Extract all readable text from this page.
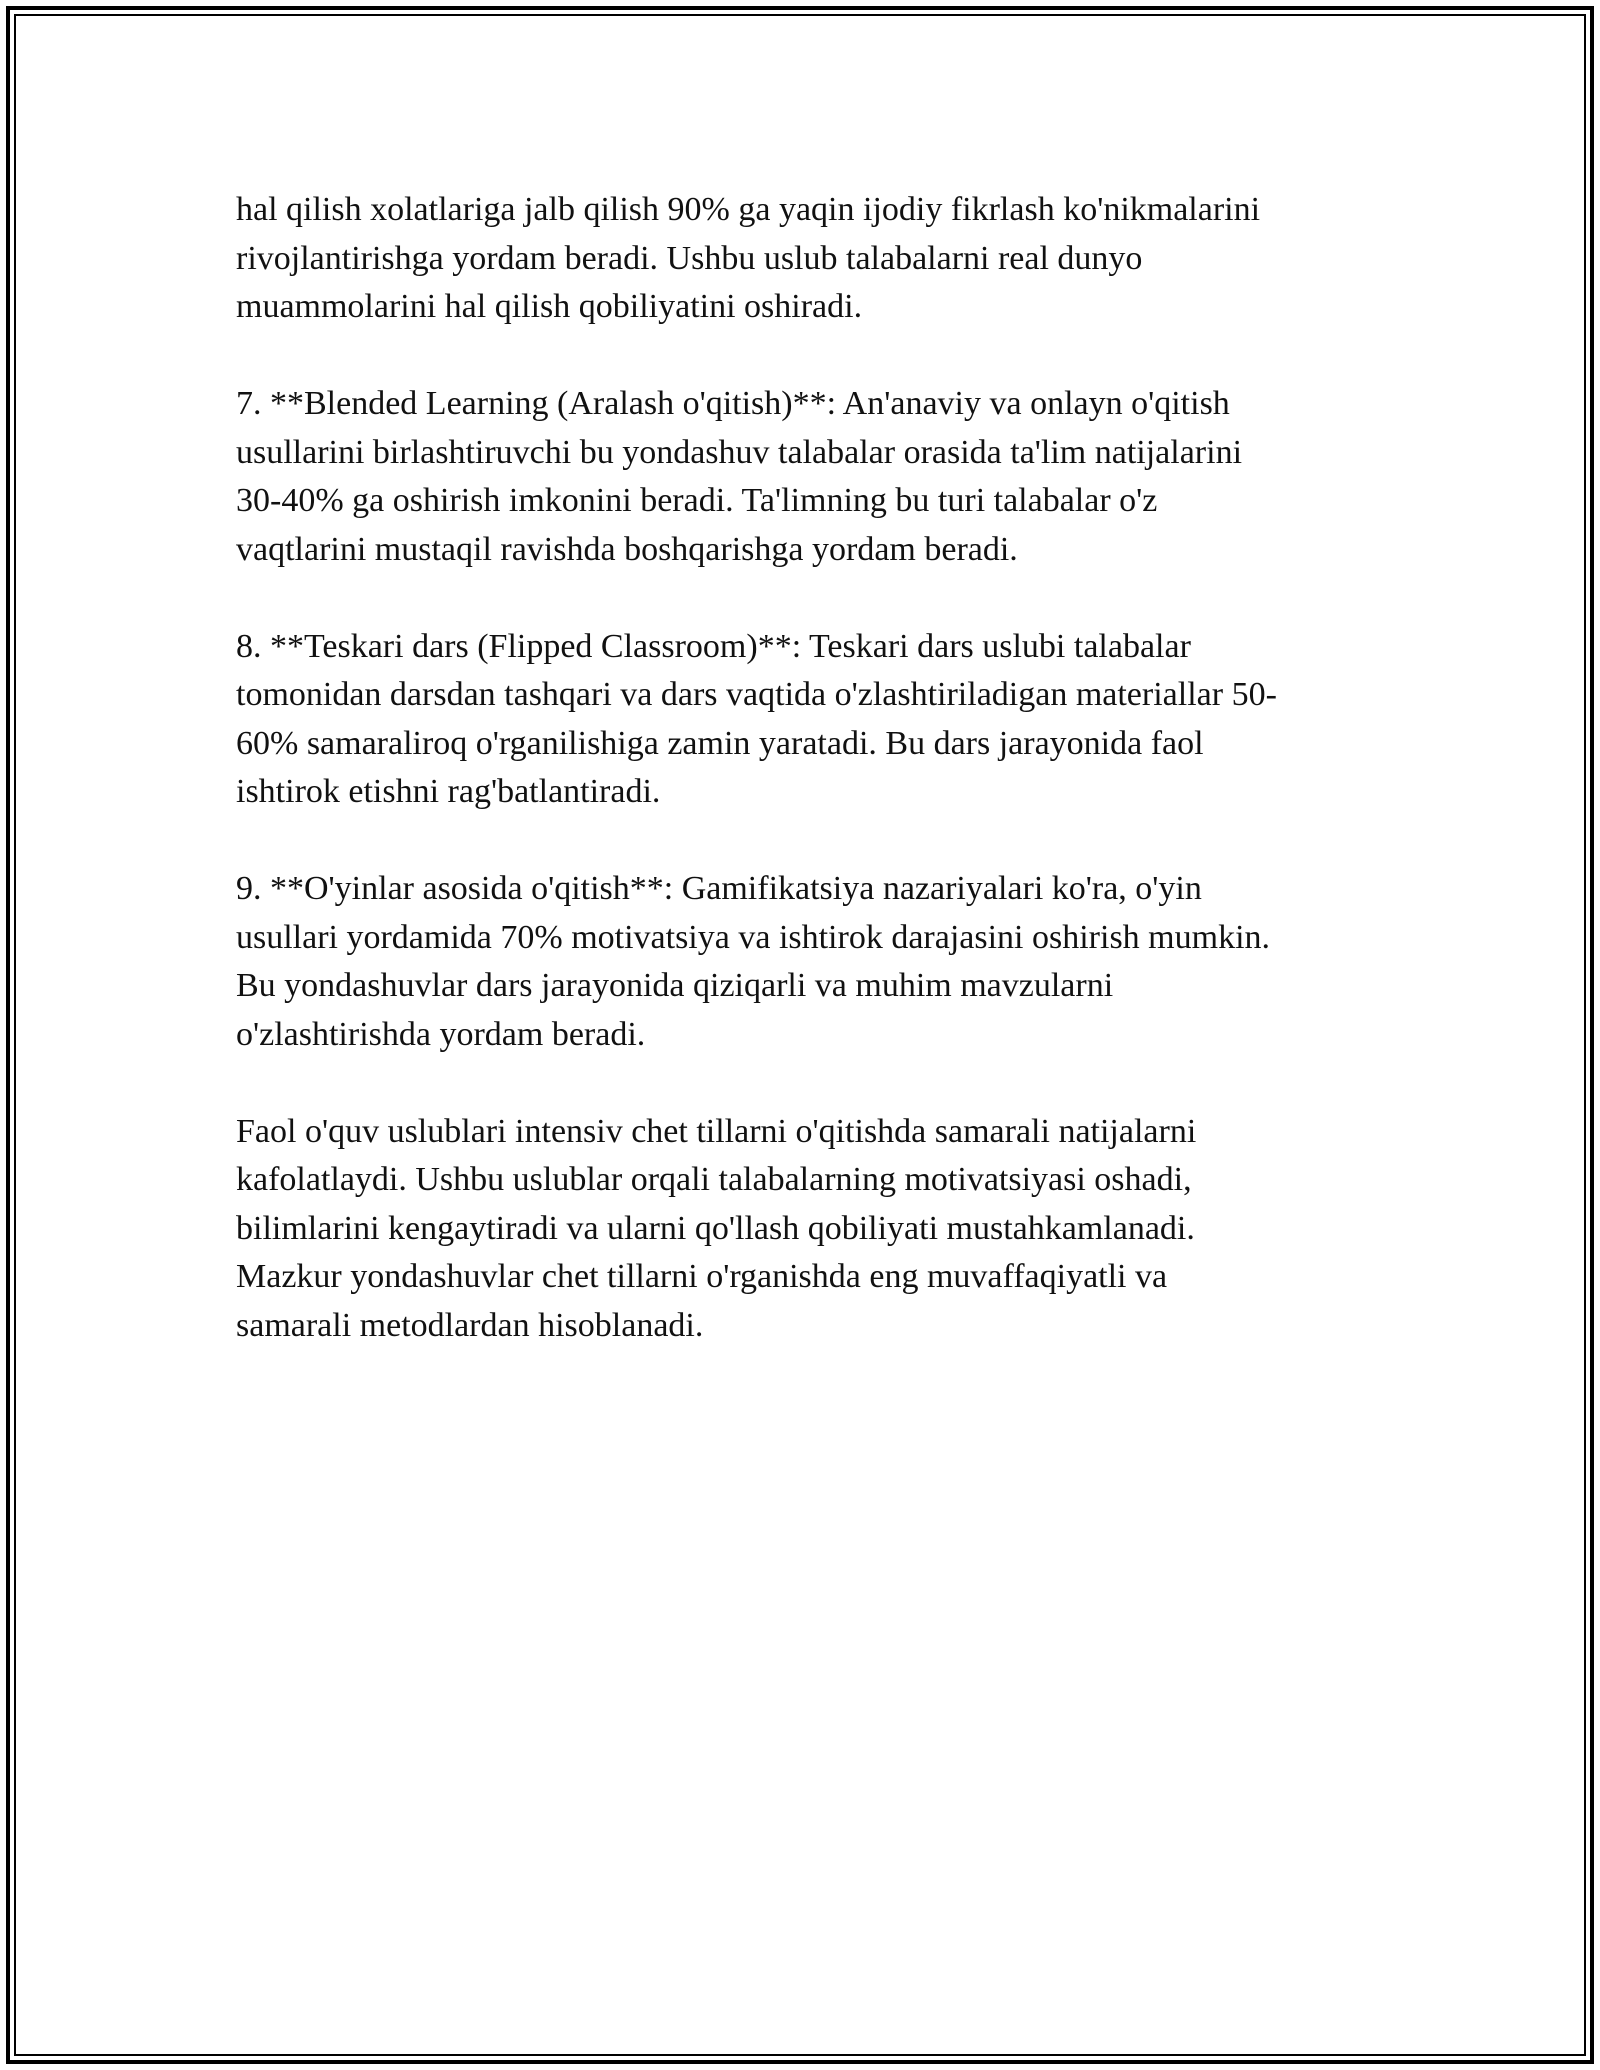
hal qilish xolatlariga jalb qilish 90% ga yaqin ijodiy fikrlash ko'nikmalarini
rivojlantirishga yordam beradi. Ushbu uslub talabalarni real dunyo
muammolarini hal qilish qobiliyatini oshiradi.

7. **Blended Learning (Aralash o'qitish)**: An'anaviy va onlayn o'qitish
usullarini birlashtiruvchi bu yondashuv talabalar orasida ta'lim natijalarini
30-40% ga oshirish imkonini beradi. Ta'limning bu turi talabalar o'z
vaqtlarini mustaqil ravishda boshqarishga yordam beradi.

8. **Teskari dars (Flipped Classroom)**: Teskari dars uslubi talabalar
tomonidan darsdan tashqari va dars vaqtida o'zlashtiriladigan materiallar 50-
60% samaraliroq o'rganilishiga zamin yaratadi. Bu dars jarayonida faol
ishtirok etishni rag'batlantiradi.

9. **O'yinlar asosida o'qitish**: Gamifikatsiya nazariyalari ko'ra, o'yin
usullari yordamida 70% motivatsiya va ishtirok darajasini oshirish mumkin.
Bu yondashuvlar dars jarayonida qiziqarli va muhim mavzularni
o'zlashtirishda yordam beradi.

Faol o'quv uslublari intensiv chet tillarni o'qitishda samarali natijalarni
kafolatlaydi. Ushbu uslublar orqali talabalarning motivatsiyasi oshadi,
bilimlarini kengaytiradi va ularni qo'llash qobiliyati mustahkamlanadi.
Mazkur yondashuvlar chet tillarni o'rganishda eng muvaffaqiyatli va
samarali metodlardan hisoblanadi.
